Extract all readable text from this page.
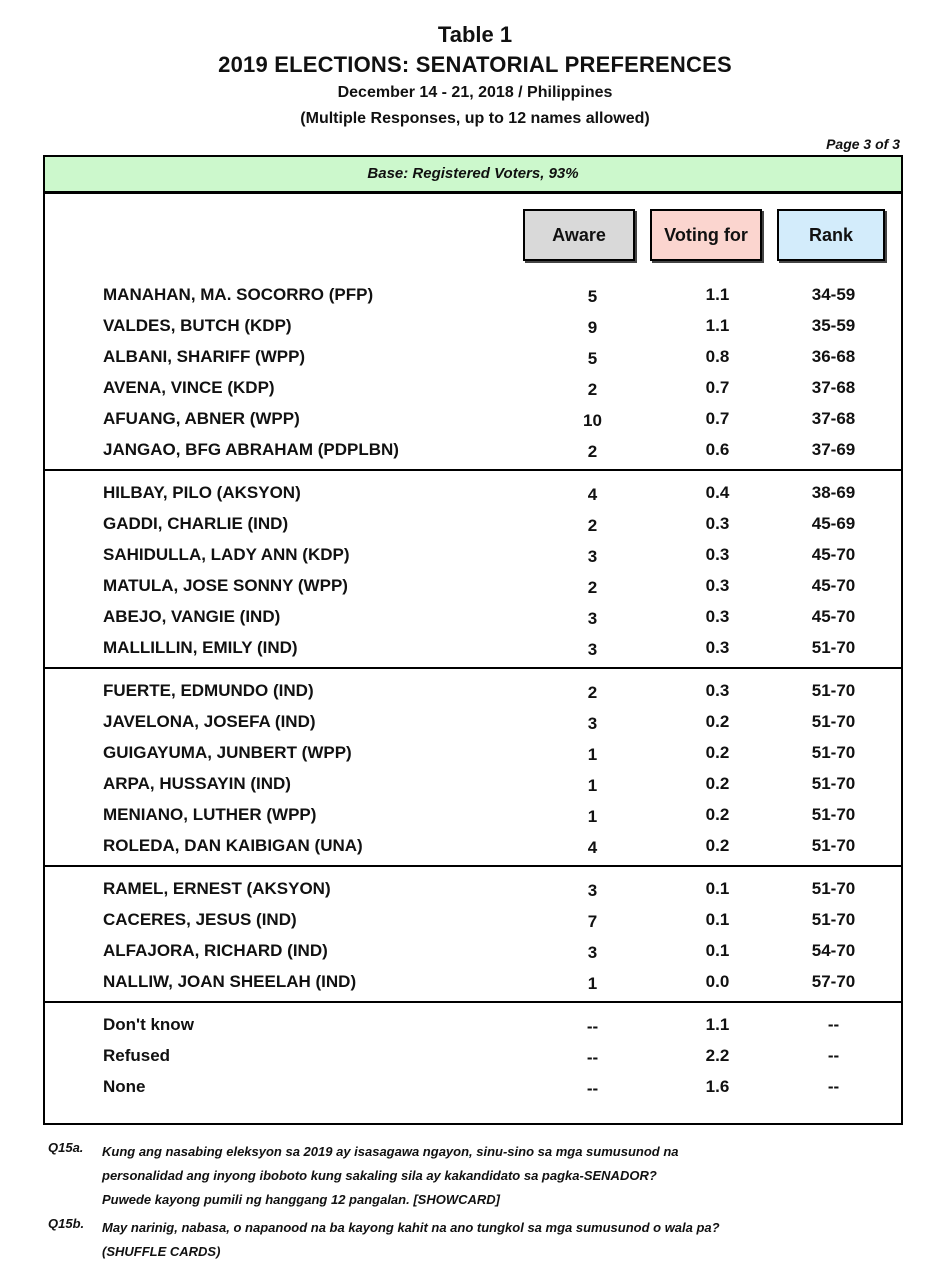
Table 1
2019 ELECTIONS: SENATORIAL PREFERENCES
December 14 - 21, 2018 / Philippines
(Multiple Responses, up to 12 names allowed)
Page 3 of 3
Base: Registered Voters, 93%
Aware	Voting for	Rank
MANAHAN, MA. SOCORRO (PFP)	5	1.1	34-59
VALDES, BUTCH (KDP)	9	1.1	35-59
ALBANI, SHARIFF (WPP)	5	0.8	36-68
AVENA, VINCE (KDP)	2	0.7	37-68
AFUANG, ABNER (WPP)	10	0.7	37-68
JANGAO, BFG ABRAHAM (PDPLBN)	2	0.6	37-69
HILBAY, PILO (AKSYON)	4	0.4	38-69
GADDI, CHARLIE (IND)	2	0.3	45-69
SAHIDULLA, LADY ANN (KDP)	3	0.3	45-70
MATULA, JOSE SONNY (WPP)	2	0.3	45-70
ABEJO, VANGIE (IND)	3	0.3	45-70
MALLILLIN, EMILY (IND)	3	0.3	51-70
FUERTE, EDMUNDO (IND)	2	0.3	51-70
JAVELONA, JOSEFA (IND)	3	0.2	51-70
GUIGAYUMA, JUNBERT (WPP)	1	0.2	51-70
ARPA, HUSSAYIN (IND)	1	0.2	51-70
MENIANO, LUTHER (WPP)	1	0.2	51-70
ROLEDA, DAN KAIBIGAN (UNA)	4	0.2	51-70
RAMEL, ERNEST (AKSYON)	3	0.1	51-70
CACERES, JESUS (IND)	7	0.1	51-70
ALFAJORA, RICHARD (IND)	3	0.1	54-70
NALLIW, JOAN SHEELAH (IND)	1	0.0	57-70
Don't know	--	1.1	--
Refused	--	2.2	--
None	--	1.6	--
Q15a. Kung ang nasabing eleksyon sa 2019 ay isasagawa ngayon, sinu-sino sa mga sumusunod na
personalidad ang inyong iboboto kung sakaling sila ay kakandidato sa pagka-SENADOR?
Puwede kayong pumili ng hanggang 12 pangalan. [SHOWCARD]
Q15b. May narinig, nabasa, o napanood na ba kayong kahit na ano tungkol sa mga sumusunod o wala pa?
(SHUFFLE CARDS)
